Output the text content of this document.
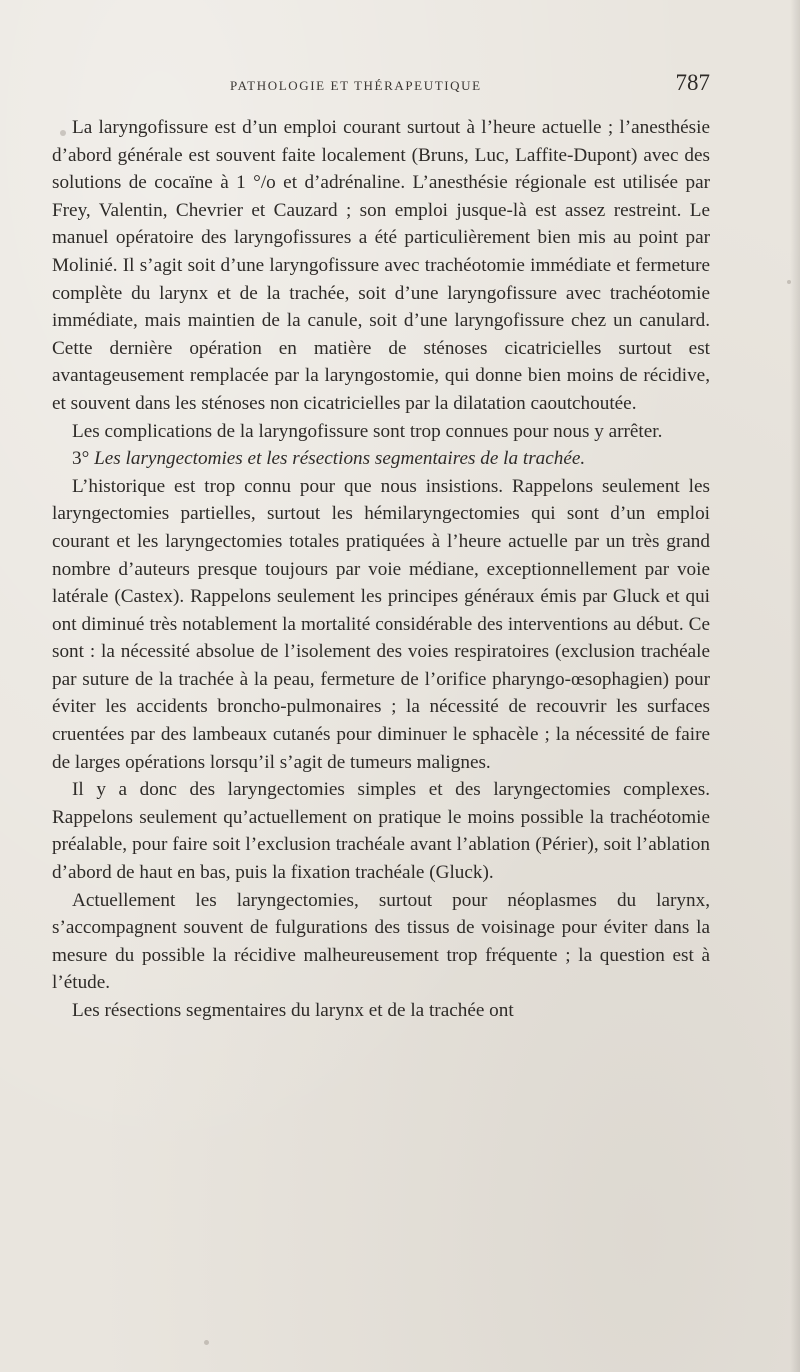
PATHOLOGIE ET THÉRAPEUTIQUE	787

La laryngofissure est d’un emploi courant surtout à l’heure actuelle ; l’anesthésie d’abord générale est souvent faite localement (Bruns, Luc, Laffite-Dupont) avec des solutions de cocaïne à 1 °/o et d’adrénaline. L’anesthésie régionale est utilisée par Frey, Valentin, Chevrier et Cauzard ; son emploi jusque-là est assez restreint. Le manuel opératoire des laryngofissures a été particulièrement bien mis au point par Molinié. Il s’agit soit d’une laryngofissure avec trachéotomie immédiate et fermeture complète du larynx et de la trachée, soit d’une laryngofissure avec trachéotomie immédiate, mais maintien de la canule, soit d’une laryngofissure chez un canulard. Cette dernière opération en matière de sténoses cicatricielles surtout est avantageusement remplacée par la laryngostomie, qui donne bien moins de récidive, et souvent dans les sténoses non cicatricielles par la dilatation caoutchoutée.

Les complications de la laryngofissure sont trop connues pour nous y arrêter.

3° Les laryngectomies et les résections segmentaires de la trachée.

L’historique est trop connu pour que nous insistions. Rappelons seulement les laryngectomies partielles, surtout les hémilaryngectomies qui sont d’un emploi courant et les laryngectomies totales pratiquées à l’heure actuelle par un très grand nombre d’auteurs presque toujours par voie médiane, exceptionnellement par voie latérale (Castex). Rappelons seulement les principes généraux émis par Gluck et qui ont diminué très notablement la mortalité considérable des interventions au début. Ce sont : la nécessité absolue de l’isolement des voies respiratoires (exclusion trachéale par suture de la trachée à la peau, fermeture de l’orifice pharyngo-œsophagien) pour éviter les accidents broncho-pulmonaires ; la nécessité de recouvrir les surfaces cruentées par des lambeaux cutanés pour diminuer le sphacèle ; la nécessité de faire de larges opérations lorsqu’il s’agit de tumeurs malignes.

Il y a donc des laryngectomies simples et des laryngectomies complexes. Rappelons seulement qu’actuellement on pratique le moins possible la trachéotomie préalable, pour faire soit l’exclusion trachéale avant l’ablation (Périer), soit l’ablation d’abord de haut en bas, puis la fixation trachéale (Gluck).

Actuellement les laryngectomies, surtout pour néoplasmes du larynx, s’accompagnent souvent de fulgurations des tissus de voisinage pour éviter dans la mesure du possible la récidive malheureusement trop fréquente ; la question est à l’étude.

Les résections segmentaires du larynx et de la trachée ont
